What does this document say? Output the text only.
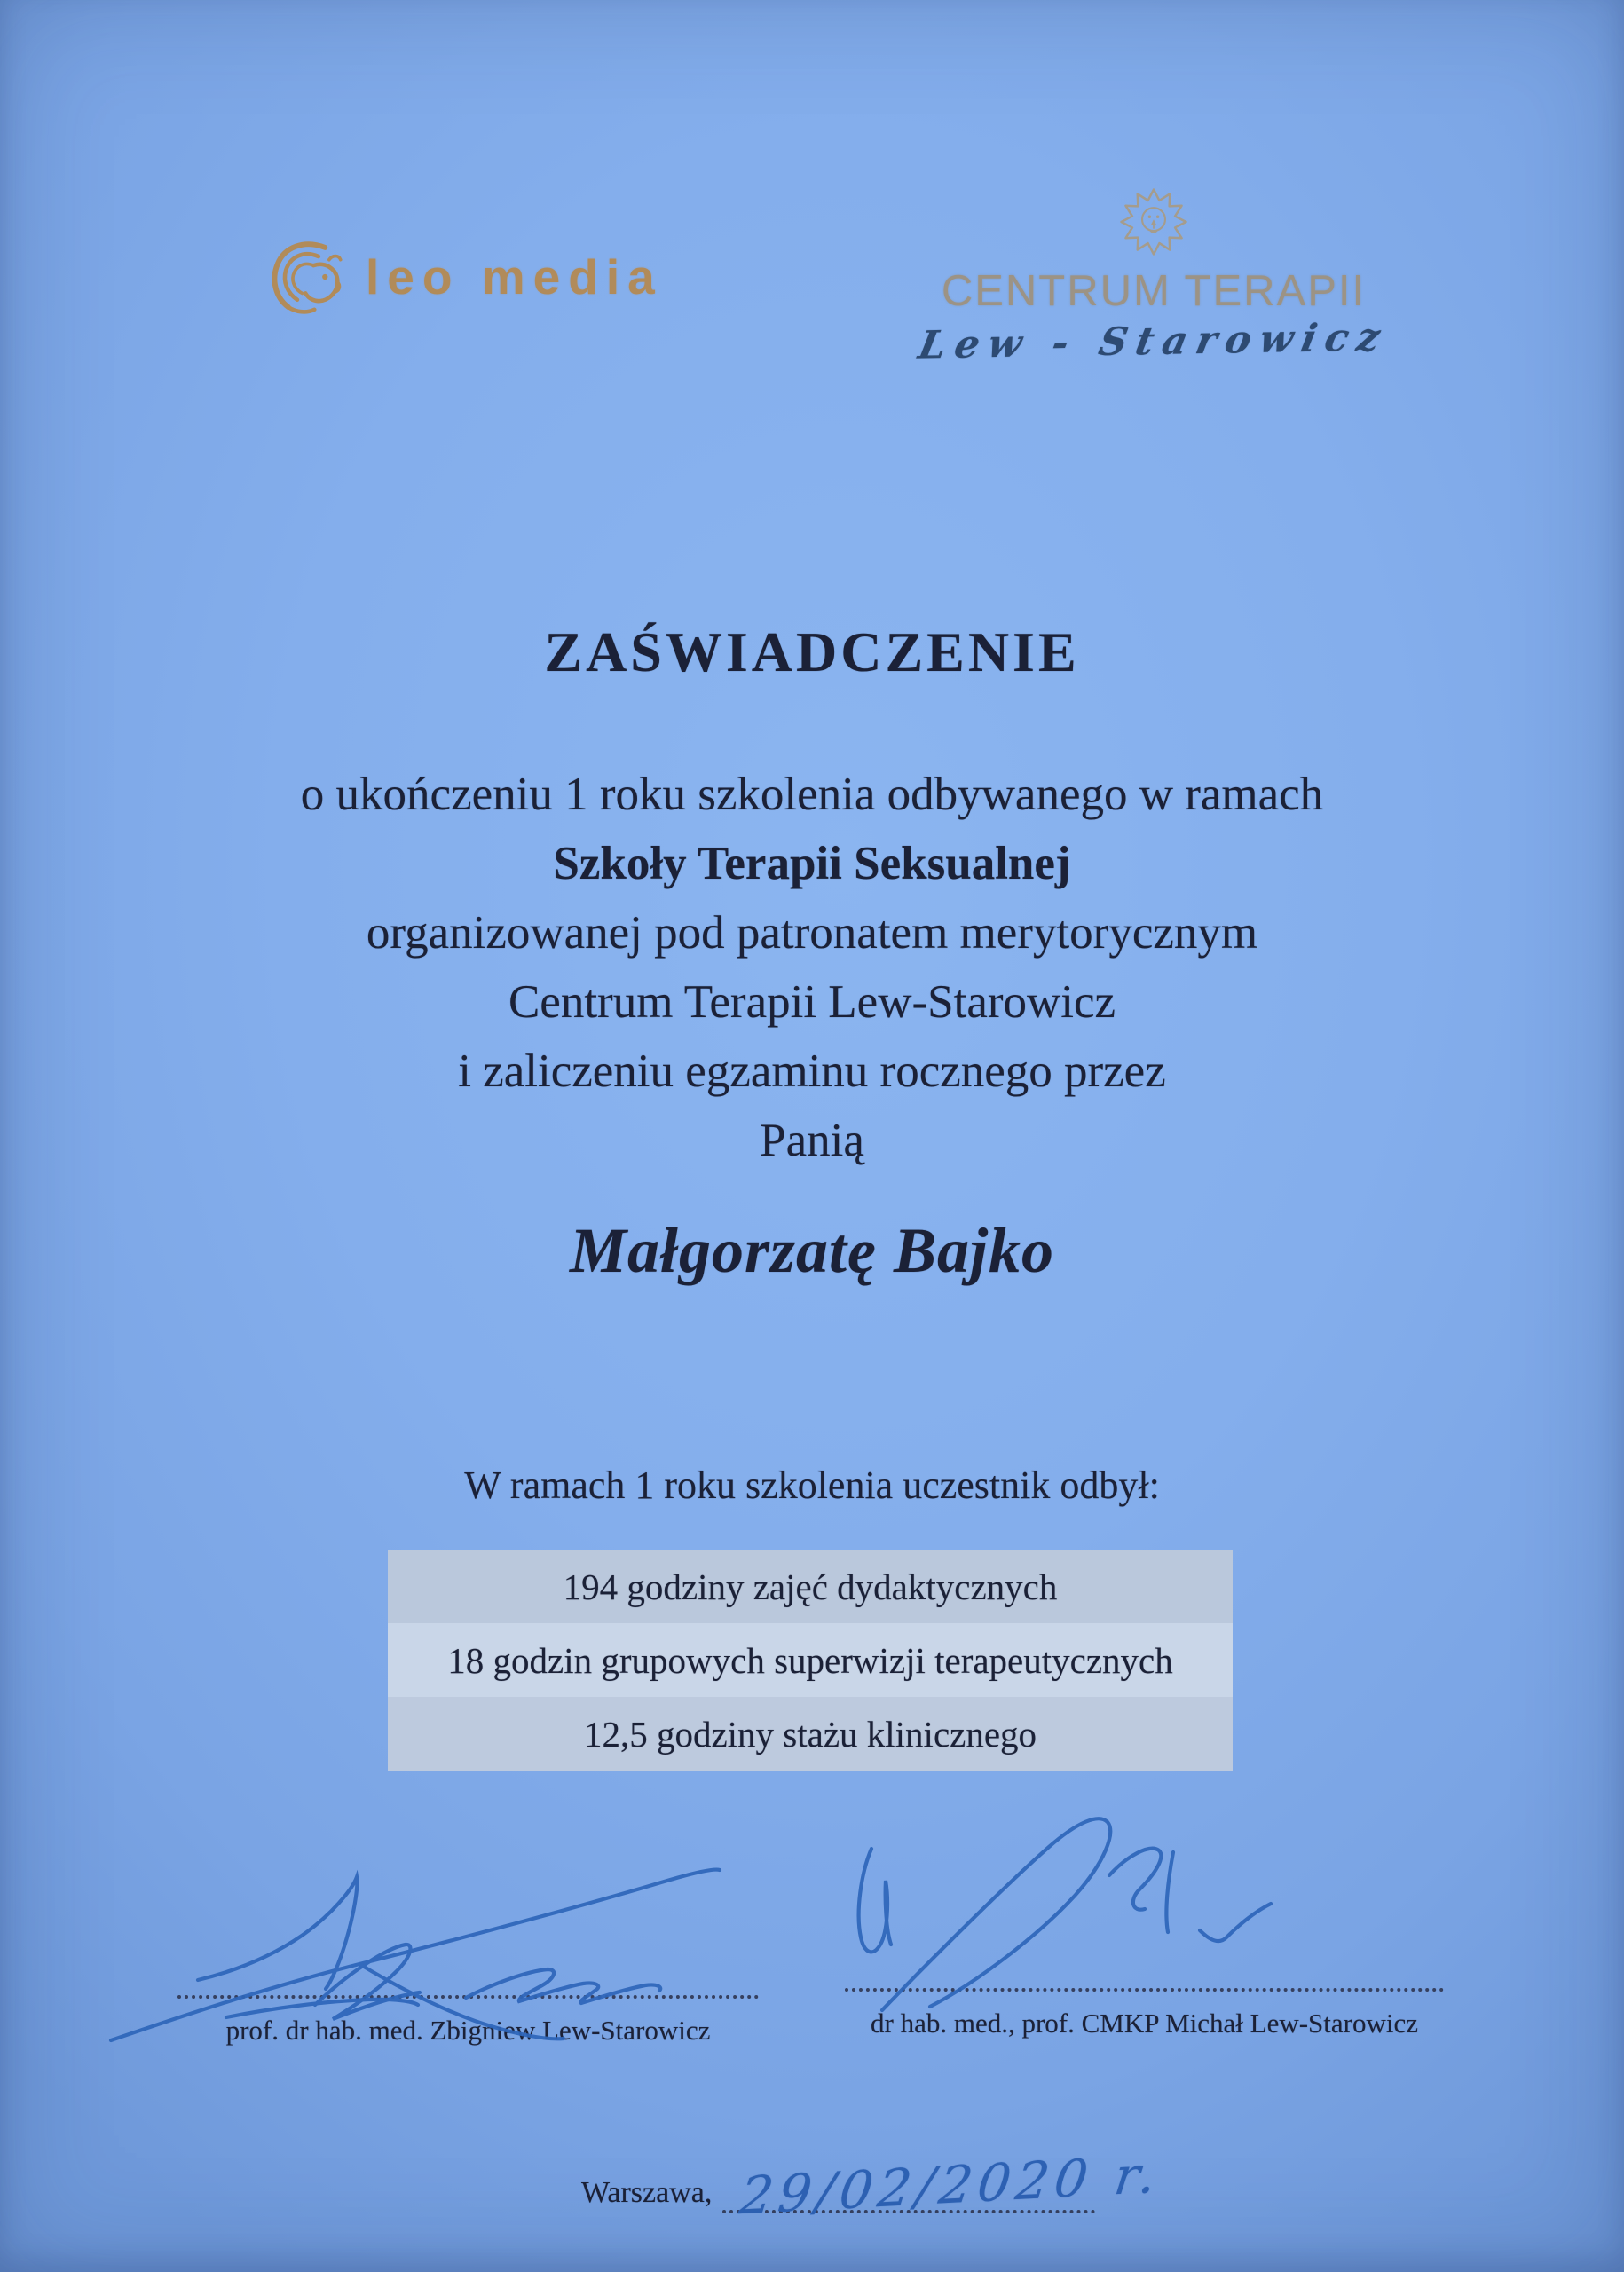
leo media	CENTRUM TERAPII
Lew - Starowicz
ZAŚWIADCZENIE
o ukończeniu 1 roku szkolenia odbywanego w ramach
Szkoły Terapii Seksualnej
organizowanej pod patronatem merytorycznym
Centrum Terapii Lew-Starowicz
i zaliczeniu egzaminu rocznego przez
Panią
Małgorzatę Bajko
W ramach 1 roku szkolenia uczestnik odbył:
194 godziny zajęć dydaktycznych
18 godzin grupowych superwizji terapeutycznych
12,5 godziny stażu klinicznego
prof. dr hab. med. Zbigniew Lew-Starowicz	dr hab. med., prof. CMKP Michał Lew-Starowicz
Warszawa, 29/02/2020 r.
